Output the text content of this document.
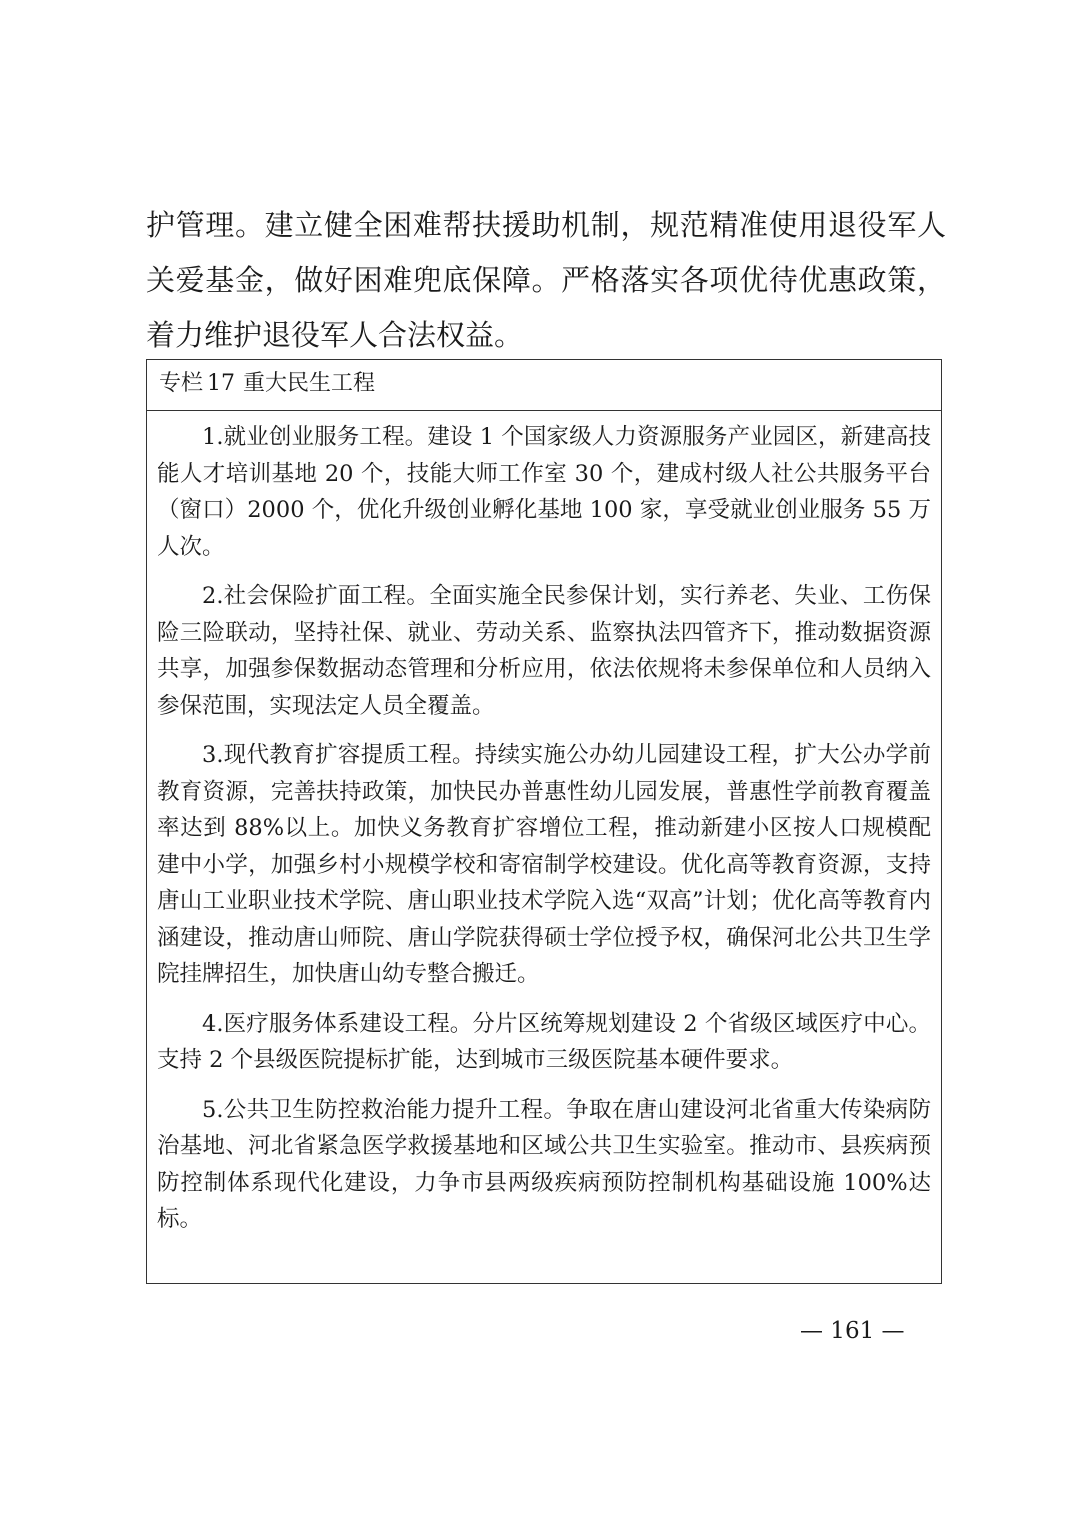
护管理。建立健全困难帮扶援助机制，规范精准使用退役军人关爱基金，做好困难兜底保障。严格落实各项优待优惠政策，着力维护退役军人合法权益。

专栏 17 重大民生工程

1.就业创业服务工程。建设 1 个国家级人力资源服务产业园区，新建高技能人才培训基地 20 个，技能大师工作室 30 个，建成村级人社公共服务平台（窗口）2000 个，优化升级创业孵化基地 100 家，享受就业创业服务 55 万人次。

2.社会保险扩面工程。全面实施全民参保计划，实行养老、失业、工伤保险三险联动，坚持社保、就业、劳动关系、监察执法四管齐下，推动数据资源共享，加强参保数据动态管理和分析应用，依法依规将未参保单位和人员纳入参保范围，实现法定人员全覆盖。

3.现代教育扩容提质工程。持续实施公办幼儿园建设工程，扩大公办学前教育资源，完善扶持政策，加快民办普惠性幼儿园发展，普惠性学前教育覆盖率达到 88%以上。加快义务教育扩容增位工程，推动新建小区按人口规模配建中小学，加强乡村小规模学校和寄宿制学校建设。优化高等教育资源，支持唐山工业职业技术学院、唐山职业技术学院入选“双高”计划；优化高等教育内涵建设，推动唐山师院、唐山学院获得硕士学位授予权，确保河北公共卫生学院挂牌招生，加快唐山幼专整合搬迁。

4.医疗服务体系建设工程。分片区统筹规划建设 2 个省级区域医疗中心。支持 2 个县级医院提标扩能，达到城市三级医院基本硬件要求。

5.公共卫生防控救治能力提升工程。争取在唐山建设河北省重大传染病防治基地、河北省紧急医学救援基地和区域公共卫生实验室。推动市、县疾病预防控制体系现代化建设，力争市县两级疾病预防控制机构基础设施 100%达标。

— 161 —
